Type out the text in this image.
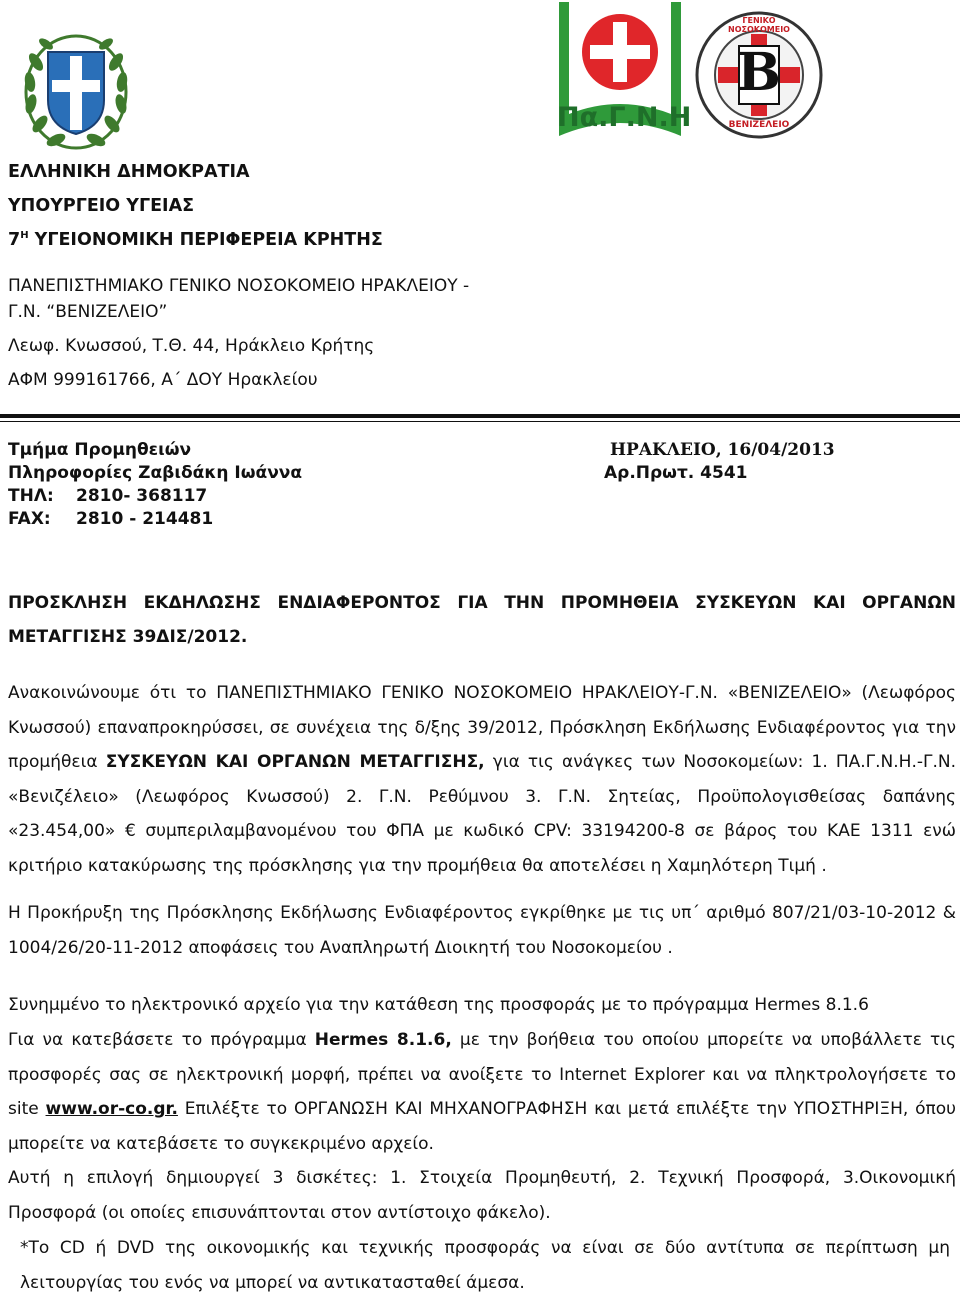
Πα.Γ.Ν.Η
B
ΓΕΝΙΚΟ ΝΟΣΟΚΟΜΕΙΟ
ΒΕΝΙΖΕΛΕΙΟ
ΕΛΛΗΝΙΚΗ ΔΗΜΟΚΡΑΤΙΑ
ΥΠΟΥΡΓΕΙΟ ΥΓΕΙΑΣ
$7^H$ ΥΓΕΙΟΝΟΜΙΚΗ ΠΕΡΙΦΕΡΕΙΑ ΚΡΗΤΗΣ
ΠΑΝΕΠΙΣΤΗΜΙΑΚΟ ΓΕΝΙΚΟ ΝΟΣΟΚΟΜΕΙΟ ΗΡΑΚΛΕΙΟΥ -
Γ.Ν. “ΒΕΝΙΖΕΛΕΙΟ”
Λεωφ. Κνωσσού, Τ.Θ. 44, Ηράκλειο Κρήτης
ΑΦΜ 999161766, Α΄ ΔΟΥ Ηρακλείου
Τμήμα Προμηθειών
Πληροφορίες Ζαβιδάκη Ιωάννα
ΤΗΛ: 2810- 368117
FAX: 2810 - 214481
ΗΡΑΚΛΕΙΟ, 16/04/2013
Αρ.Πρωτ. 4541
ΠΡΟΣΚΛΗΣΗ ΕΚΔΗΛΩΣΗΣ ΕΝΔΙΑΦΕΡΟΝΤΟΣ ΓΙΑ ΤΗΝ ΠΡΟΜΗΘΕΙΑ ΣΥΣΚΕΥΩΝ ΚΑΙ ΟΡΓΑΝΩΝ ΜΕΤΑΓΓΙΣΗΣ 39ΔΙΣ/2012.
Ανακοινώνουμε ότι το ΠΑΝΕΠΙΣΤΗΜΙΑΚΟ ΓΕΝΙΚΟ ΝΟΣΟΚΟΜΕΙΟ ΗΡΑΚΛΕΙΟΥ-Γ.Ν. «ΒΕΝΙΖΕΛΕΙΟ» (Λεωφόρος Κνωσσού) επαναπροκηρύσσει, σε συνέχεια της δ/ξης 39/2012, Πρόσκληση Εκδήλωσης Ενδιαφέροντος για την προμήθεια ΣΥΣΚΕΥΩΝ ΚΑΙ ΟΡΓΑΝΩΝ ΜΕΤΑΓΓΙΣΗΣ, για τις ανάγκες των Νοσοκομείων: 1. ΠΑ.Γ.Ν.Η.-Γ.Ν. «Βενιζέλειο» (Λεωφόρος Κνωσσού) 2. Γ.Ν. Ρεθύμνου 3. Γ.Ν. Σητείας, Προϋπολογισθείσας δαπάνης «23.454,00» € συμπεριλαμβανομένου του ΦΠΑ με κωδικό CPV: 33194200-8 σε βάρος του ΚΑΕ 1311 ενώ κριτήριο κατακύρωσης της πρόσκλησης για την προμήθεια θα αποτελέσει η Χαμηλότερη Τιμή .
Η Προκήρυξη της Πρόσκλησης Εκδήλωσης Ενδιαφέροντος εγκρίθηκε με τις υπ΄ αριθμό 807/21/03-10-2012 & 1004/26/20-11-2012 αποφάσεις του Αναπληρωτή Διοικητή του Νοσοκομείου .
Συνημμένο το ηλεκτρονικό αρχείο για την κατάθεση της προσφοράς με το πρόγραμμα Hermes 8.1.6
Για να κατεβάσετε το πρόγραμμα Hermes 8.1.6, με την βοήθεια του οποίου μπορείτε να υποβάλλετε τις προσφορές σας σε ηλεκτρονική μορφή, πρέπει να ανοίξετε το Internet Explorer και να πληκτρολογήσετε το site www.or-co.gr. Επιλέξτε το ΟΡΓΑΝΩΣΗ ΚΑΙ ΜΗΧΑΝΟΓΡΑΦΗΣΗ και μετά επιλέξτε την ΥΠΟΣΤΗΡΙΞΗ, όπου μπορείτε να κατεβάσετε το συγκεκριμένο αρχείο.
Αυτή η επιλογή δημιουργεί 3 δισκέτες: 1. Στοιχεία Προμηθευτή, 2. Τεχνική Προσφορά, 3.Οικονομική Προσφορά (οι οποίες επισυνάπτονται στον αντίστοιχο φάκελο).
*Το CD ή DVD της οικονομικής και τεχνικής προσφοράς να είναι σε δύο αντίτυπα σε περίπτωση μη λειτουργίας του ενός να μπορεί να αντικατασταθεί άμεσα.
